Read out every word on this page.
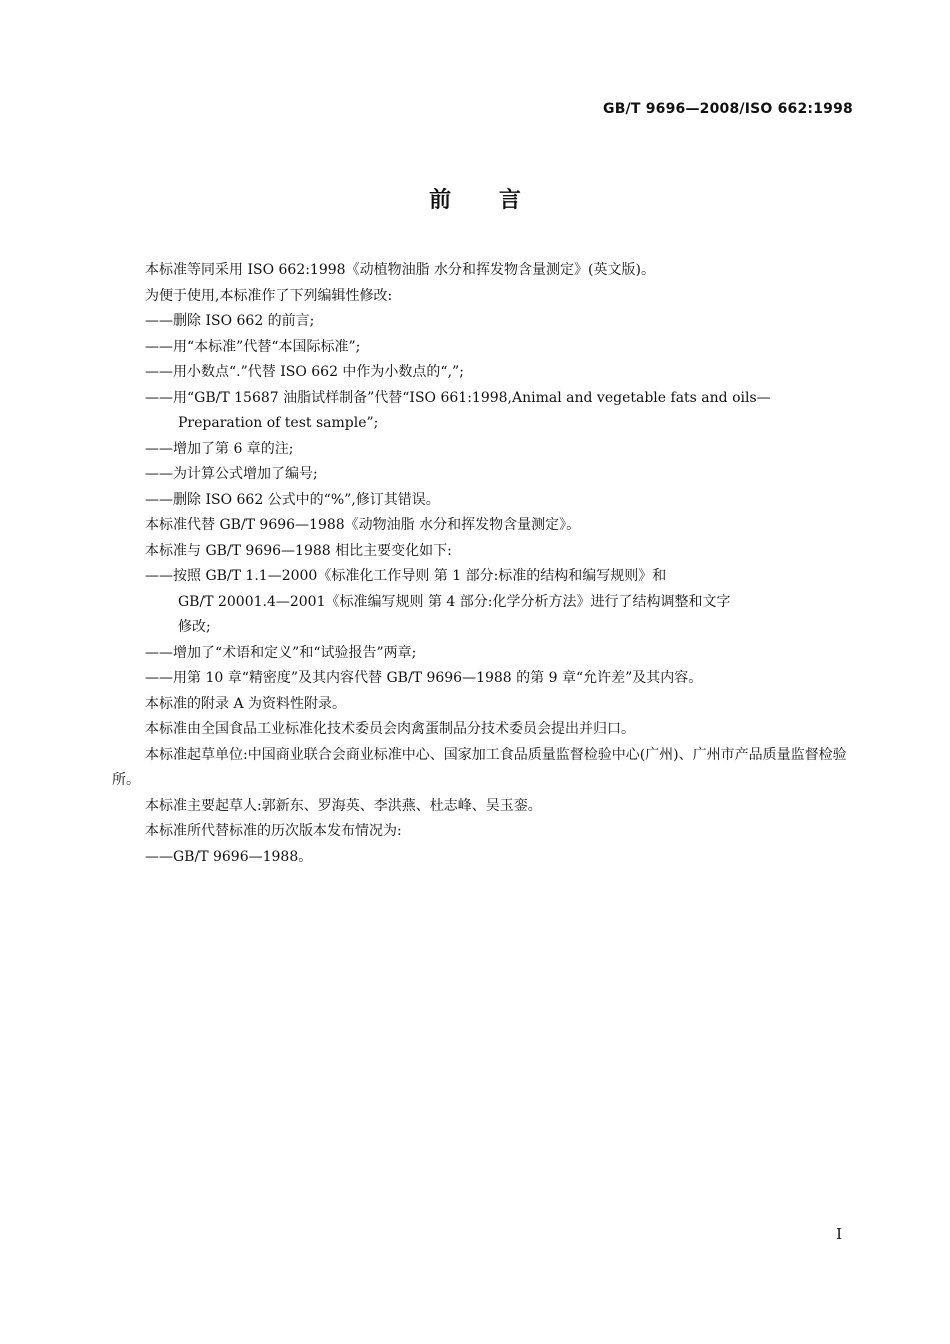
GB/T 9696—2008/ISO 662:1998
前 言

本标准等同采用 ISO 662:1998《动植物油脂 水分和挥发物含量测定》(英文版)。

为便于使用,本标准作了下列编辑性修改:

——删除 ISO 662 的前言;

——用“本标准”代替“本国际标准”;

——用小数点“.”代替 ISO 662 中作为小数点的“,”;

——用“GB/T 15687 油脂试样制备”代替“ISO 661:1998,Animal and vegetable fats and oils—

Preparation of test sample”;

——增加了第 6 章的注;

——为计算公式增加了编号;

——删除 ISO 662 公式中的“%”,修订其错误。

本标准代替 GB/T 9696—1988《动物油脂 水分和挥发物含量测定》。

本标准与 GB/T 9696—1988 相比主要变化如下:

——按照 GB/T 1.1—2000《标准化工作导则 第 1 部分:标准的结构和编写规则》和

GB/T 20001.4—2001《标准编写规则 第 4 部分:化学分析方法》进行了结构调整和文字

修改;

——增加了“术语和定义”和“试验报告”两章;

——用第 10 章“精密度”及其内容代替 GB/T 9696—1988 的第 9 章“允许差”及其内容。

本标准的附录 A 为资料性附录。

本标准由全国食品工业标准化技术委员会肉禽蛋制品分技术委员会提出并归口。

本标准起草单位:中国商业联合会商业标准中心、国家加工食品质量监督检验中心(广州)、广州市产品质量监督检验所。

本标准主要起草人:郭新东、罗海英、李洪燕、杜志峰、吴玉銮。

本标准所代替标准的历次版本发布情况为:

——GB/T 9696—1988。

I
